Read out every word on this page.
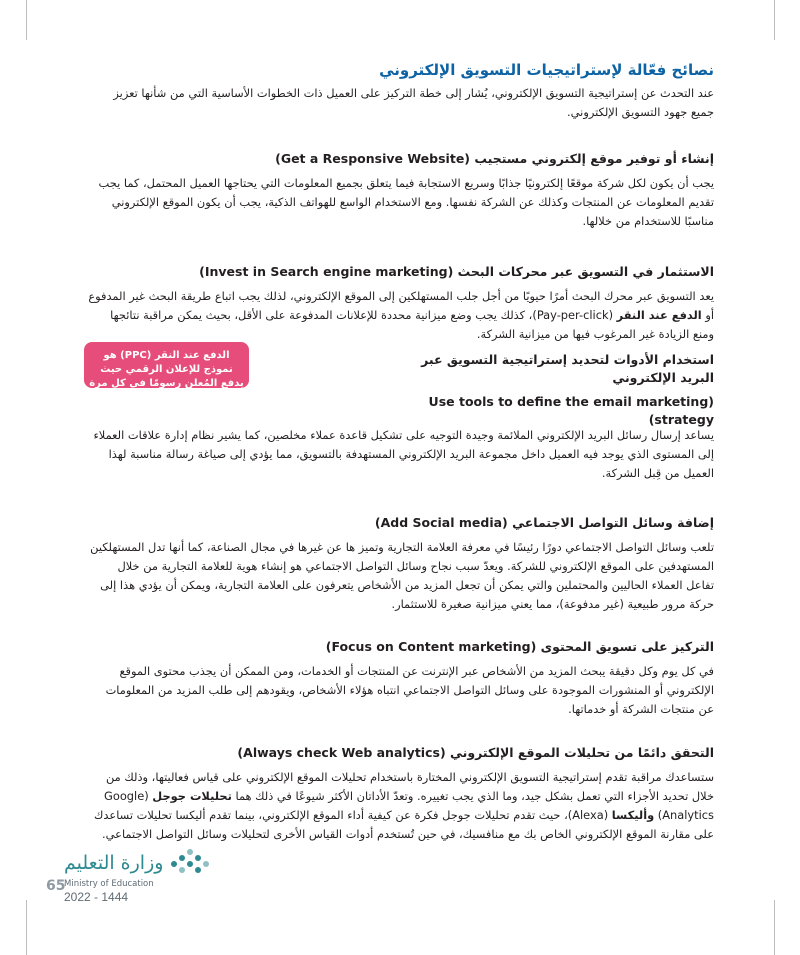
نصائح فعّالة لإستراتيجيات التسويق الإلكتروني

عند التحدث عن إستراتيجية التسويق الإلكتروني، يُشار إلى خطة التركيز على العميل ذات الخطوات الأساسية التي من شأنها تعزيز جميع جهود التسويق الإلكتروني.

إنشاء أو توفير موقع إلكتروني مستجيب (Get a Responsive Website)

يجب أن يكون لكل شركة موقعًا إلكترونيًا جذابًا وسريع الاستجابة فيما يتعلق بجميع المعلومات التي يحتاجها العميل المحتمل، كما يجب تقديم المعلومات عن المنتجات وكذلك عن الشركة نفسها. ومع الاستخدام الواسع للهواتف الذكية، يجب أن يكون الموقع الإلكتروني مناسبًا للاستخدام من خلالها.

الاستثمار في التسويق عبر محركات البحث (Invest in Search engine marketing)

يعد التسويق عبر محرك البحث أمرًا حيويًا من أجل جلب المستهلكين إلى الموقع الإلكتروني، لذلك يجب اتباع طريقة البحث غير المدفوع أو الدفع عند النقر (Pay-per-click)، كذلك يجب وضع ميزانية محددة للإعلانات المدفوعة على الأقل، بحيث يمكن مراقبة نتائجها ومنع الزيادة غير المرغوب فيها من ميزانية الشركة.

استخدام الأدوات لتحديد إستراتيجية التسويق عبر البريد الإلكتروني
(Use tools to define the email marketing strategy)

يساعد إرسال رسائل البريد الإلكتروني الملائمة وجيدة التوجيه على تشكيل قاعدة عملاء مخلصين، كما يشير نظام إدارة علاقات العملاء إلى المستوى الذي يوجد فيه العميل داخل مجموعة البريد الإلكتروني المستهدفة بالتسويق، مما يؤدي إلى صياغة رسالة مناسبة لهذا العميل من قِبل الشركة.

إضافة وسائل التواصل الاجتماعي (Add Social media)

تلعب وسائل التواصل الاجتماعي دورًا رئيسًا في معرفة العلامة التجارية وتميز ها عن غيرها في مجال الصناعة، كما أنها تدل المستهلكين المستهدفين على الموقع الإلكتروني للشركة. ويعدّ سبب نجاح وسائل التواصل الاجتماعي هو إنشاء هوية للعلامة التجارية من خلال تفاعل العملاء الحاليين والمحتملين والتي يمكن أن تجعل المزيد من الأشخاص يتعرفون على العلامة التجارية، ويمكن أن يؤدي هذا إلى حركة مرور طبيعية (غير مدفوعة)، مما يعني ميزانية صغيرة للاستثمار.

التركيز على تسويق المحتوى (Focus on Content marketing)

في كل يوم وكل دقيقة يبحث المزيد من الأشخاص عبر الإنترنت عن المنتجات أو الخدمات، ومن الممكن أن يجذب محتوى الموقع الإلكتروني أو المنشورات الموجودة على وسائل التواصل الاجتماعي انتباه هؤلاء الأشخاص، ويقودهم إلى طلب المزيد من المعلومات عن منتجات الشركة أو خدماتها.

التحقق دائمًا من تحليلات الموقع الإلكتروني (Always check Web analytics)

ستساعدك مراقبة تقدم إستراتيجية التسويق الإلكتروني المختارة باستخدام تحليلات الموقع الإلكتروني على قياس فعاليتها، وذلك من خلال تحديد الأجزاء التي تعمل بشكل جيد، وما الذي يجب تغييره. وتعدّ الأداتان الأكثر شيوعًا في ذلك هما تحليلات جوجل (Google Analytics) وأليكسا (Alexa)، حيث تقدم تحليلات جوجل فكرة عن كيفية أداء الموقع الإلكتروني، بينما تقدم أليكسا تحليلات تساعدك على مقارنة الموقع الإلكتروني الخاص بك مع منافسيك، في حين تُستخدم أدوات القياس الأخرى لتحليلات وسائل التواصل الاجتماعي.

الدفع عند النقر (PPC) هو نموذج للإعلان الرقمي حيث يدفع المُعلن رسومًا في كل مرة يتم فيها الضغط على أحد إعلاناته.
وزارة التعليم
Ministry of Education
2022 - 1444
65
